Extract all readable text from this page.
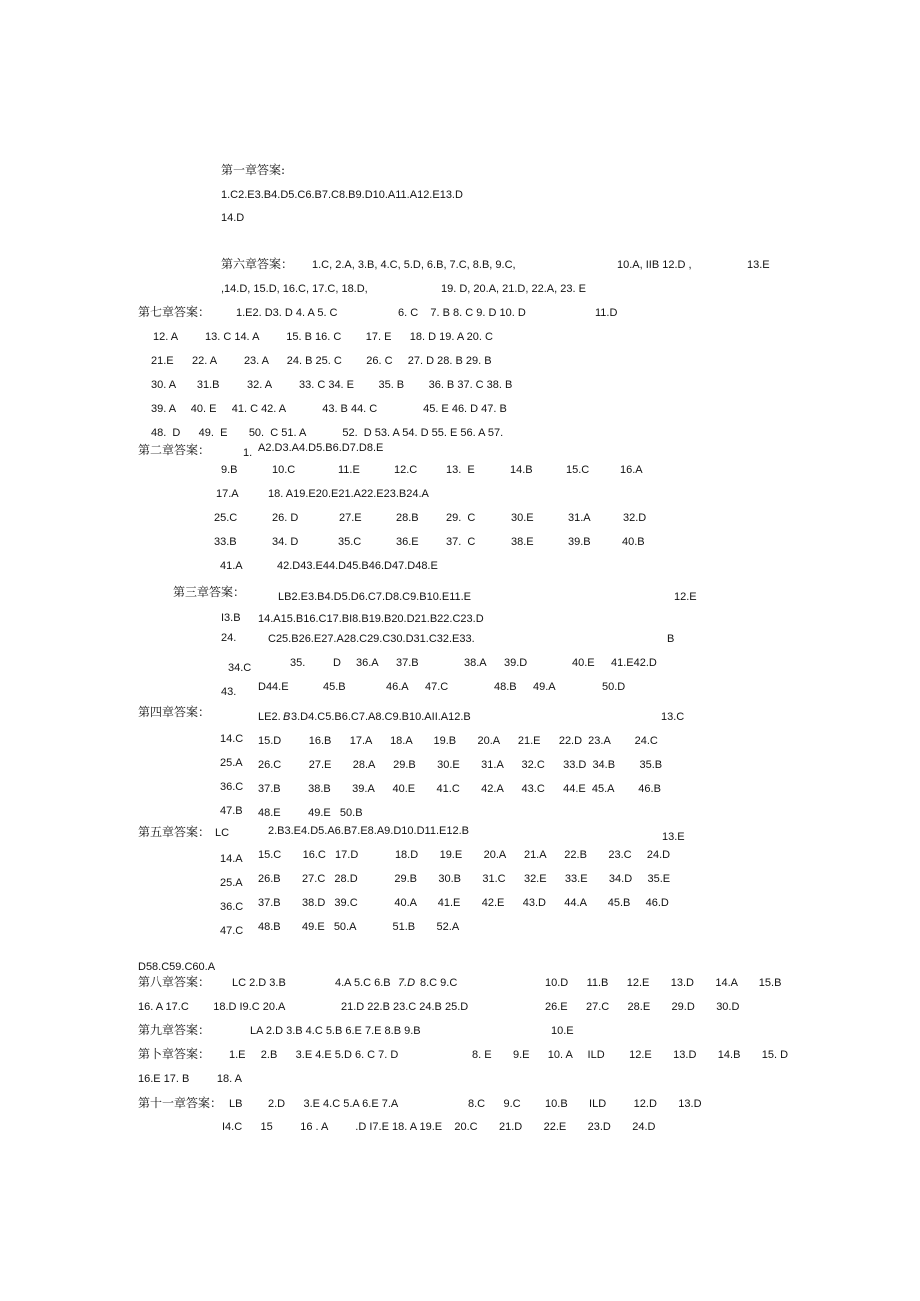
第一章答案:
1.C2.E3.B4.D5.C6.B7.C8.B9.D10.A11.A12.E13.D
14.D
第六章答案： 1.C, 2.A, 3.B, 4.C, 5.D, 6.B, 7.C, 8.B, 9.C,	10.A, IIB 12.D ,	13.E
,14.D, 15.D, 16.C, 17.C, 18.D,	19. D, 20.A, 21.D, 22.A, 23. E
第七章答案： 1.E2. D3. D 4. A 5. C	6. C    7. B 8. C 9. D 10. D	11.D
12. A         13. C 14. A         15. B 16. C        17. E      18. D 19. A 20. C
21.E      22. A         23. A      24. B 25. C        26. C     27. D 28. B 29. B
30. A       31.B         32. A         33. C 34. E        35. B        36. B 37. C 38. B
39. A     40. E     41. C 42. A            43. B 44. C               45. E 46. D 47. B
48.  D      49.  E       50.  C 51. A            52.  D 53. A 54. D 55. E 56. A 57.
第二章答案：	1. A2.D3.A4.D5.B6.D7.D8.E
9.B	10.C	11.E	12.C	13.  E	14.B	15.C	16.A
17.A	18. A19.E20.E21.A22.E23.B24.A
25.C	26. D	27.E	28.B 29.  C	30.E	31.A	32.D
33.B	34. D	35.C	36.E 37.  C	38.E	39.B	40.B
41.A	42.D43.E44.D45.B46.D47.D48.E
第三章答案：	LB2.E3.B4.D5.D6.C7.D8.C9.B10.E11.E	12.E
I3.B 14.A15.B16.C17.BI8.B19.B20.D21.B22.C23.D
24.	C25.B26.E27.A28.C29.C30.D31.C32.E33.	B
34.C	35.	D 36.A 37.B	38.A 39.D	40.E 41.E42.D
43. D44.E	45.B	46.A 47.C	48.B 49.A	50.D
第四章答案：	LE2. B 3.D4.C5.B6.C7.A8.C9.B10.AII.A12.B	13.C
14.C 15.D         16.B      17.A      18.A       19.B       20.A      21.E      22.D  23.A        24.C
25.A 26.C         27.E       28.A      29.B       30.E       31.A      32.C      33.D  34.B        35.B
36.C 37.B         38.B       39.A      40.E       41.C       42.A      43.C      44.E  45.A        46.B
47.B 48.E         49.E   50.B
第五章答案： LC	2.B3.E4.D5.A6.B7.E8.A9.D10.D11.E12.B	13.E
14.A 15.C       16.C   17.D            18.D       19.E       20.A      21.A      22.B       23.C     24.D
25.A 26.B       27.C   28.D            29.B       30.B       31.C      32.E      33.E       34.D     35.E
36.C 37.B       38.D   39.C            40.A       41.E       42.E      43.D      44.A       45.B     46.D
47.C 48.B       49.E   50.A            51.B       52.A
D58.C59.C60.A
第八章答案： LC 2.D 3.B	4.A 5.C 6.B 7.D 8.C 9.C	10.D      11.B      12.E       13.D       14.A       15.B
16. A 17.C        18.D I9.C 20.A	21.D 22.B 23.C 24.B 25.D	26.E      27.C      28.E       29.D       30.D
第九章答案：	LA 2.D 3.B 4.C 5.B 6.E 7.E 8.B 9.B	10.E
第卜章答案： 1.E     2.B      3.E 4.E 5.D 6. C 7. D	8. E       9.E      10. A     ILD        12.E       13.D       14.B       15. D
16.E 17. B         18. A
第十一章答案： LB 2.D      3.E 4.C 5.A 6.E 7.A	8.C      9.C        10.B       ILD         12.D       13.D
I4.C      15         16 . A         .D I7.E 18. A 19.E    20.C       21.D       22.E       23.D       24.D
